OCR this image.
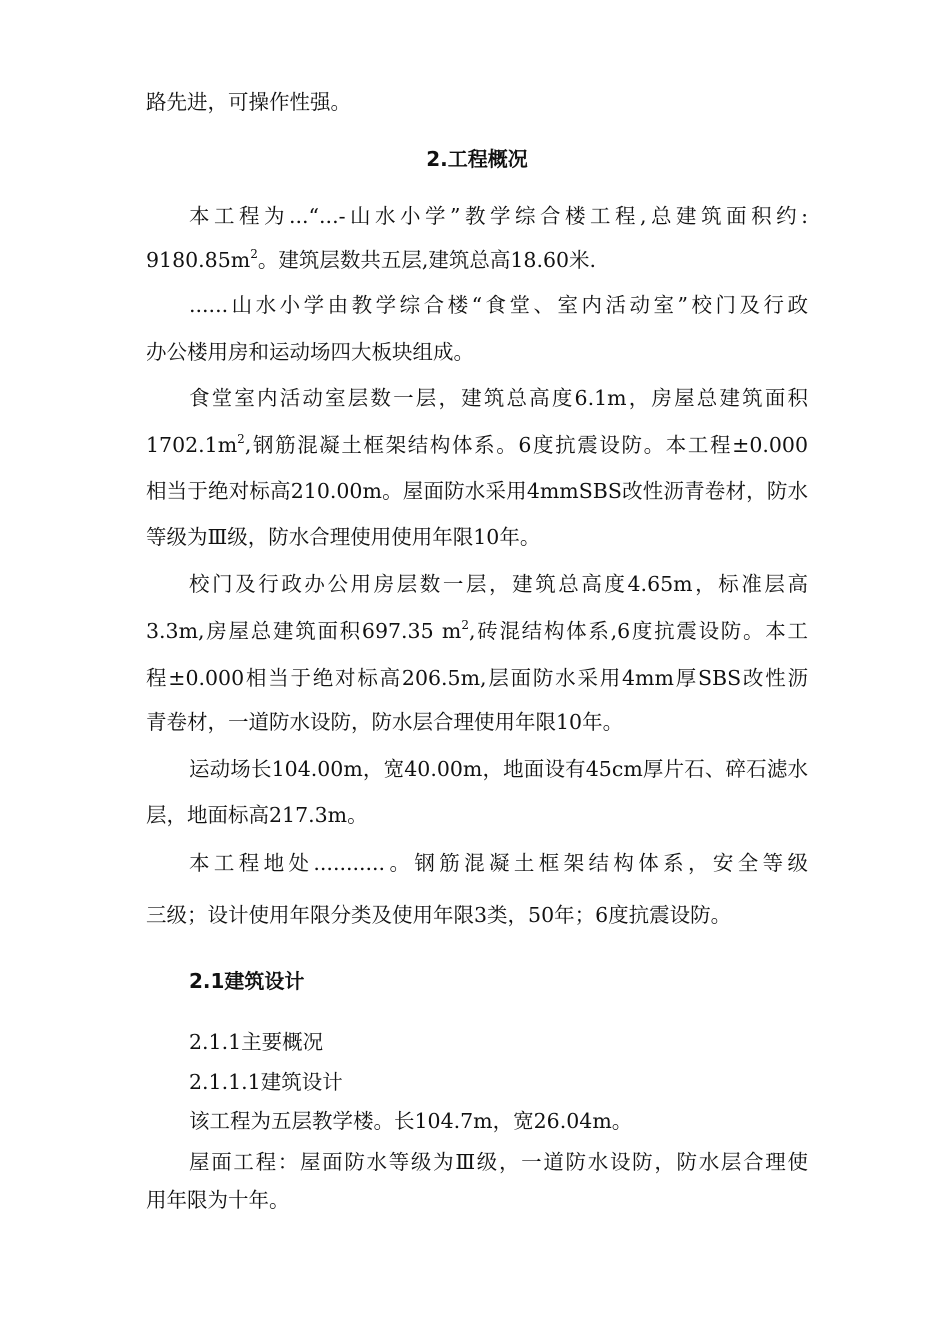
路先进，可操作性强。
2.工程概况
本工程为...“...-山水小学”教学综合楼工程,总建筑面积约:
$9180.85m^2$。建筑层数共五层,建筑总高18.60米.
......山水小学由教学综合楼“食堂、室内活动室”校门及行政
办公楼用房和运动场四大板块组成。
食堂室内活动室层数一层，建筑总高度6.1m，房屋总建筑面积
$1702.1m^2$,钢筋混凝土框架结构体系。6度抗震设防。本工程±0.000
相当于绝对标高210.00m。屋面防水采用4mmSBS改性沥青卷材，防水
等级为Ⅲ级，防水合理使用使用年限10年。
校门及行政办公用房层数一层，建筑总高度4.65m，标准层高
3.3m,房屋总建筑面积697.35 $m^2$,砖混结构体系,6度抗震设防。本工
程±0.000相当于绝对标高206.5m,层面防水采用4mm厚SBS改性沥
青卷材，一道防水设防，防水层合理使用年限10年。
运动场长104.00m，宽40.00m，地面设有45cm厚片石、碎石滤水
层，地面标高217.3m。
本工程地处...........。钢筋混凝土框架结构体系，安全等级
三级；设计使用年限分类及使用年限3类，50年；6度抗震设防。
2.1建筑设计
2.1.1主要概况
2.1.1.1建筑设计
该工程为五层教学楼。长104.7m，宽26.04m。
屋面工程：屋面防水等级为Ⅲ级，一道防水设防，防水层合理使
用年限为十年。
